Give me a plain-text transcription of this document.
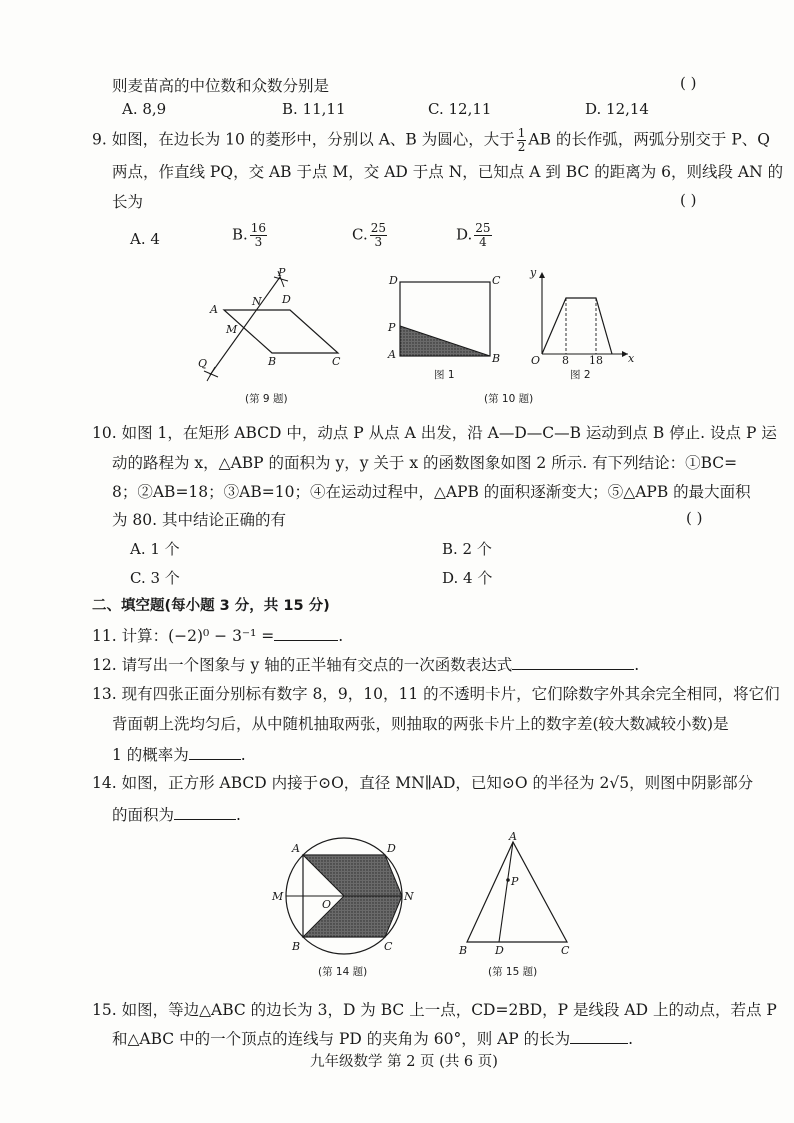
则麦苗高的中位数和众数分别是	( )
A. 8,9	B. 11,11	C. 12,11	D. 12,14
9. 如图，在边长为 10 的菱形中，分别以 A、B 为圆心，大于 $\frac{1}{2}$ AB 的长作弧，两弧分别交于 P、Q
两点，作直线 PQ，交 AB 于点 M，交 AD 于点 N，已知点 A 到 BC 的距离为 6，则线段 AN 的
长为	( )
A. 4	B. $\frac{16}{3}$	C. $\frac{25}{3}$	D. $\frac{25}{4}$
P
N D
A
M
Q	B	C
(第 9 题)
D	C
P
A	B
图 1
y
x
O 8 18
图 2
(第 10 题)
10. 如图 1，在矩形 ABCD 中，动点 P 从点 A 出发，沿 A—D—C—B 运动到点 B 停止. 设点 P 运
动的路程为 x，△ABP 的面积为 y，y 关于 x 的函数图象如图 2 所示. 有下列结论：①BC=
8；②AB=18；③AB=10；④在运动过程中，△APB 的面积逐渐变大；⑤△APB 的最大面积
为 80. 其中结论正确的有	( )
A. 1 个	B. 2 个
C. 3 个	D. 4 个
二、填空题(每小题 3 分，共 15 分)
11. 计算：(−2)⁰ − 3⁻¹ =	.
12. 请写出一个图象与 y 轴的正半轴有交点的一次函数表达式	.
13. 现有四张正面分别标有数字 8，9，10，11 的不透明卡片，它们除数字外其余完全相同，将它们
背面朝上洗均匀后，从中随机抽取两张，则抽取的两张卡片上的数字差(较大数减较小数)是
1 的概率为	.
14. 如图，正方形 ABCD 内接于⊙O，直径 MN∥AD，已知⊙O 的半径为 2√5，则图中阴影部分
的面积为	.
A	D
M
O
N
B	C
(第 14 题)
A
P
B	D	C
(第 15 题)
15. 如图，等边△ABC 的边长为 3，D 为 BC 上一点，CD=2BD，P 是线段 AD 上的动点，若点 P
和△ABC 中的一个顶点的连线与 PD 的夹角为 60°，则 AP 的长为	.
九年级数学 第 2 页 (共 6 页)
